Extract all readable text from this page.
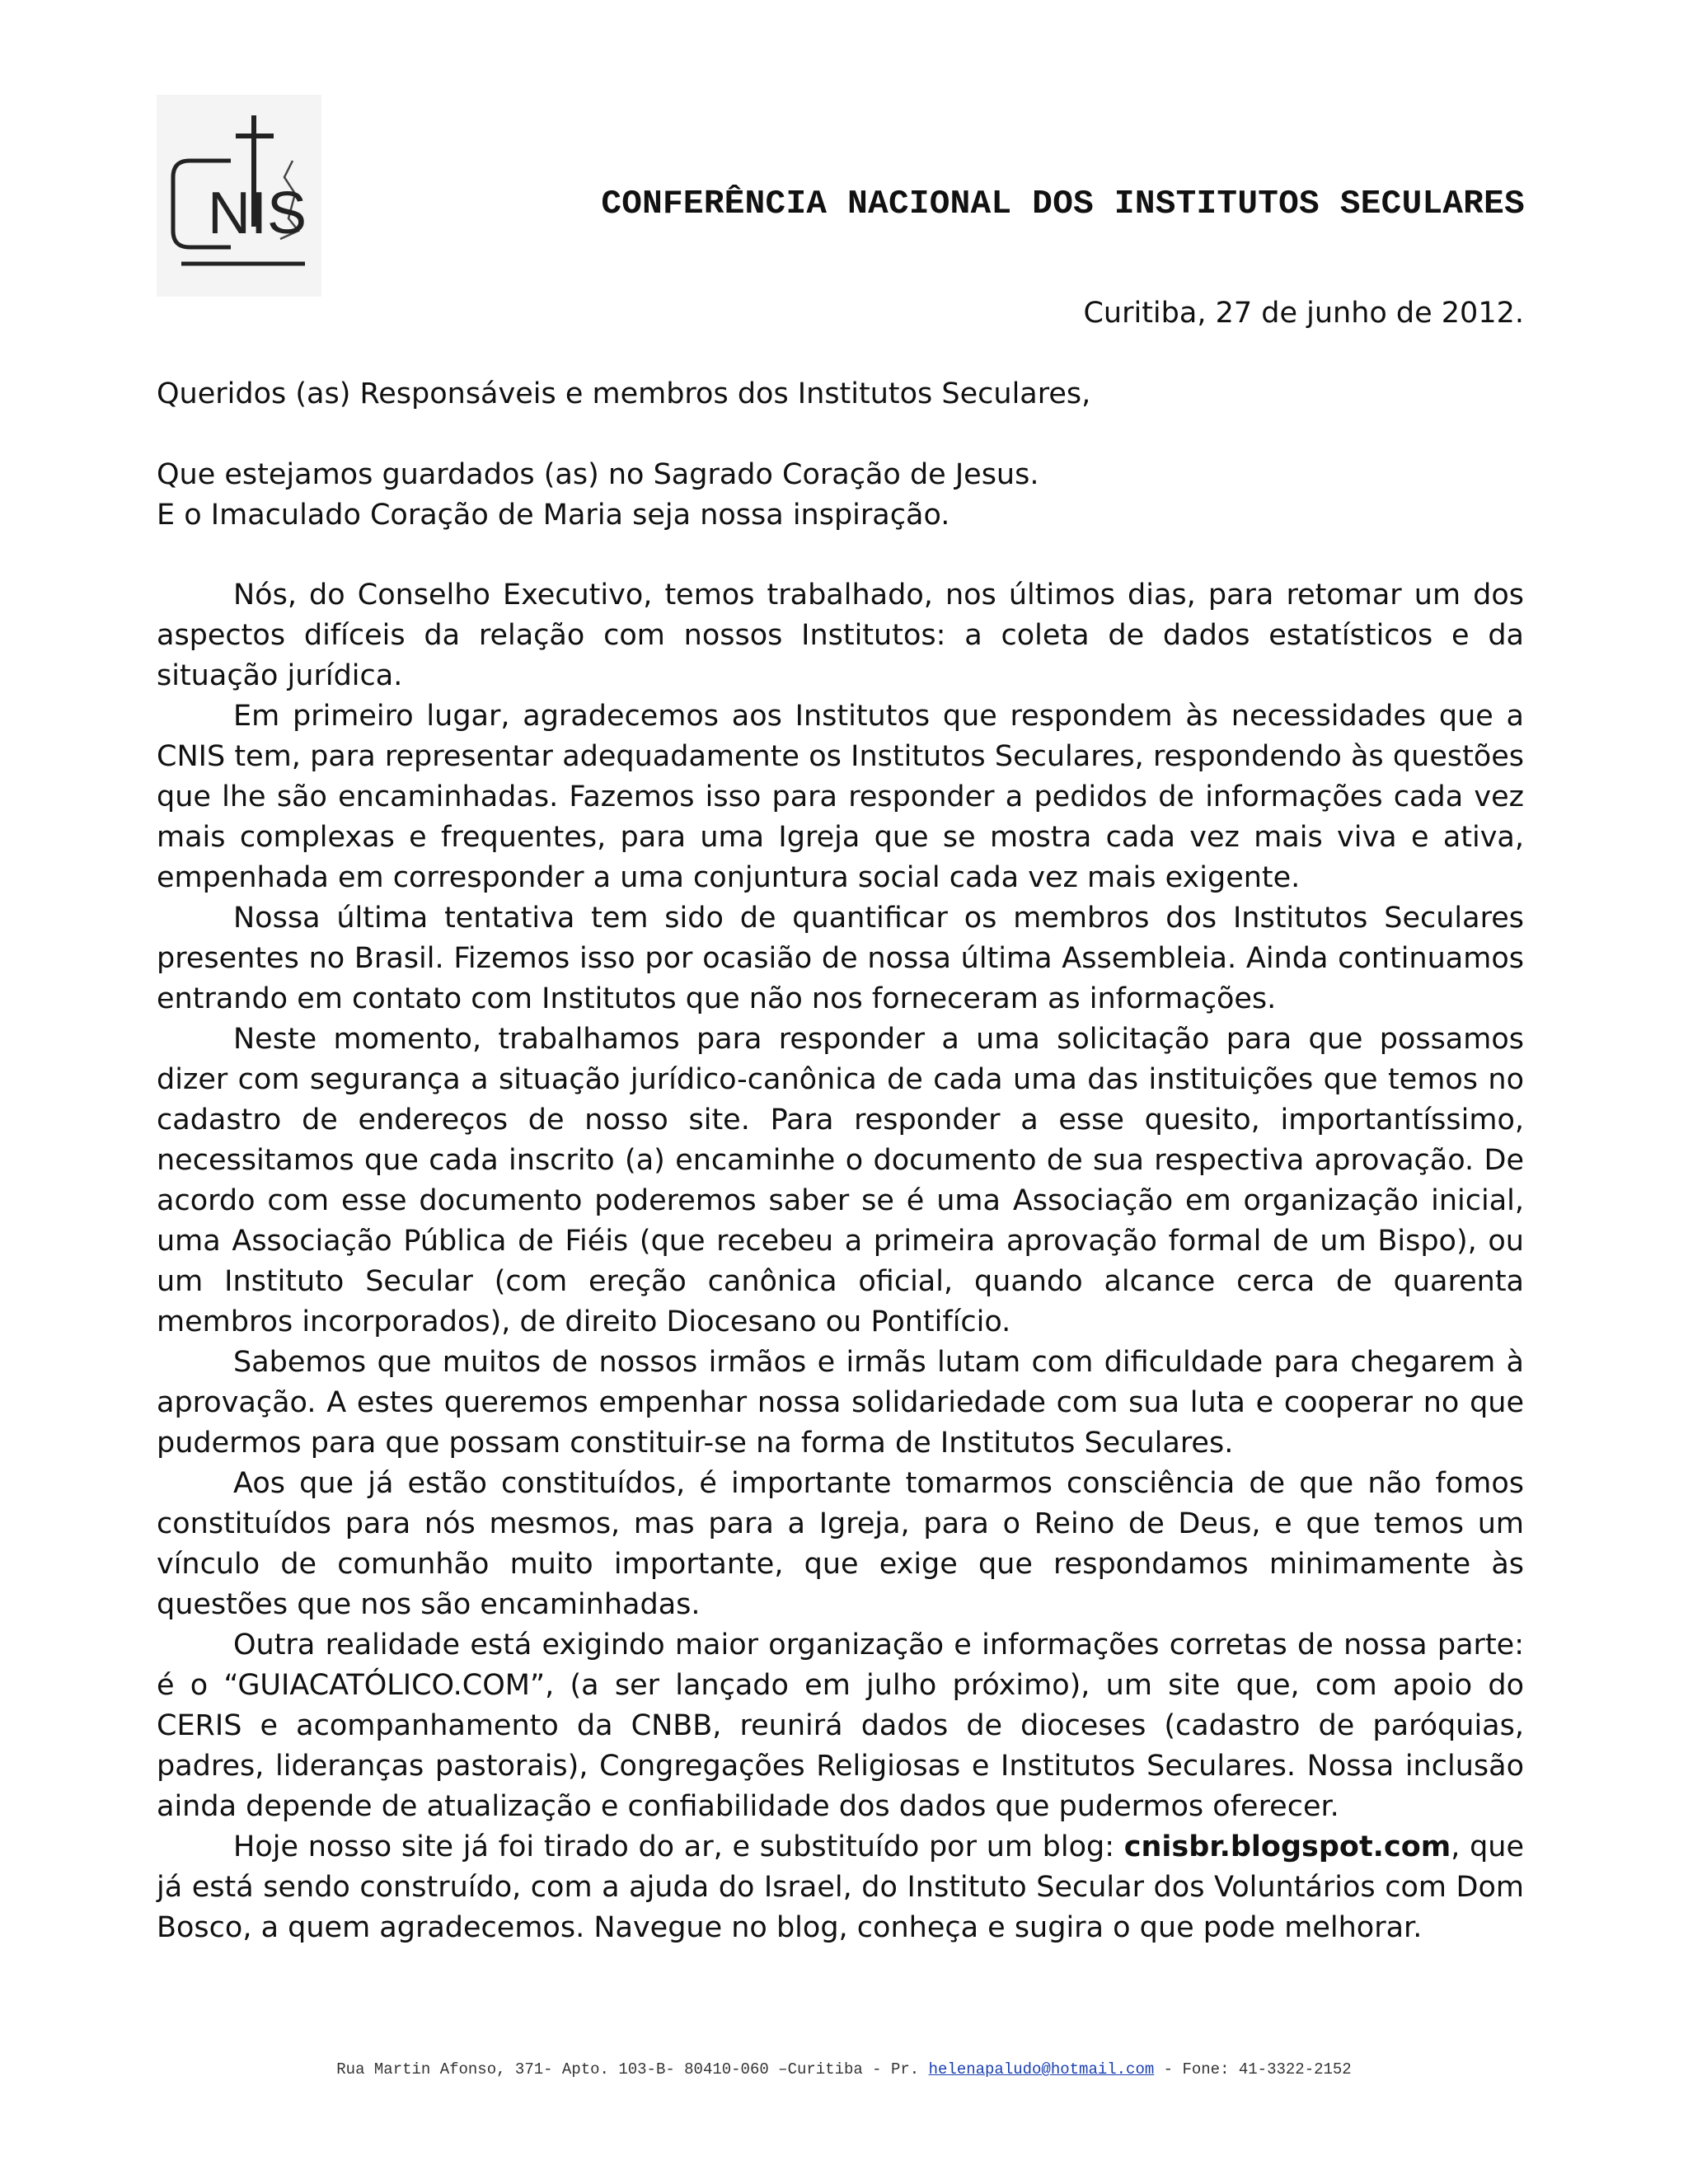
NIS	CONFERÊNCIA NACIONAL DOS INSTITUTOS SECULARES
Curitiba, 27 de junho de 2012.
Queridos (as) Responsáveis e membros dos Institutos Seculares,
Que estejamos guardados (as) no Sagrado Coração de Jesus.
E o Imaculado Coração de Maria seja nossa inspiração.

Nós, do Conselho Executivo, temos trabalhado, nos últimos dias, para retomar um dos aspectos difíceis da relação com nossos Institutos: a coleta de dados estatísticos e da situação jurídica.

Em primeiro lugar, agradecemos aos Institutos que respondem às necessidades que a CNIS tem, para representar adequadamente os Institutos Seculares, respondendo às questões que lhe são encaminhadas. Fazemos isso para responder a pedidos de informações cada vez mais complexas e frequentes, para uma Igreja que se mostra cada vez mais viva e ativa, empenhada em corresponder a uma conjuntura social cada vez mais exigente.

Nossa última tentativa tem sido de quantificar os membros dos Institutos Seculares presentes no Brasil. Fizemos isso por ocasião de nossa última Assembleia. Ainda continuamos entrando em contato com Institutos que não nos forneceram as informações.

Neste momento, trabalhamos para responder a uma solicitação para que possamos dizer com segurança a situação jurídico-canônica de cada uma das instituições que temos no cadastro de endereços de nosso site. Para responder a esse quesito, importantíssimo, necessitamos que cada inscrito (a) encaminhe o documento de sua respectiva aprovação. De acordo com esse documento poderemos saber se é uma Associação em organização inicial, uma Associação Pública de Fiéis (que recebeu a primeira aprovação formal de um Bispo), ou um Instituto Secular (com ereção canônica oficial, quando alcance cerca de quarenta membros incorporados), de direito Diocesano ou Pontifício.

Sabemos que muitos de nossos irmãos e irmãs lutam com dificuldade para chegarem à aprovação. A estes queremos empenhar nossa solidariedade com sua luta e cooperar no que pudermos para que possam constituir-se na forma de Institutos Seculares.

Aos que já estão constituídos, é importante tomarmos consciência de que não fomos constituídos para nós mesmos, mas para a Igreja, para o Reino de Deus, e que temos um vínculo de comunhão muito importante, que exige que respondamos minimamente às questões que nos são encaminhadas.

Outra realidade está exigindo maior organização e informações corretas de nossa parte: é o “GUIACATÓLICO.COM”, (a ser lançado em julho próximo), um site que, com apoio do CERIS e acompanhamento da CNBB, reunirá dados de dioceses (cadastro de paróquias, padres, lideranças pastorais), Congregações Religiosas e Institutos Seculares. Nossa inclusão ainda depende de atualização e confiabilidade dos dados que pudermos oferecer.

Hoje nosso site já foi tirado do ar, e substituído por um blog: cnisbr.blogspot.com, que já está sendo construído, com a ajuda do Israel, do Instituto Secular dos Voluntários com Dom Bosco, a quem agradecemos. Navegue no blog, conheça e sugira o que pode melhorar.

Rua Martin Afonso, 371- Apto. 103-B- 80410-060 –Curitiba - Pr. helenapaludo@hotmail.com - Fone: 41-3322-2152
